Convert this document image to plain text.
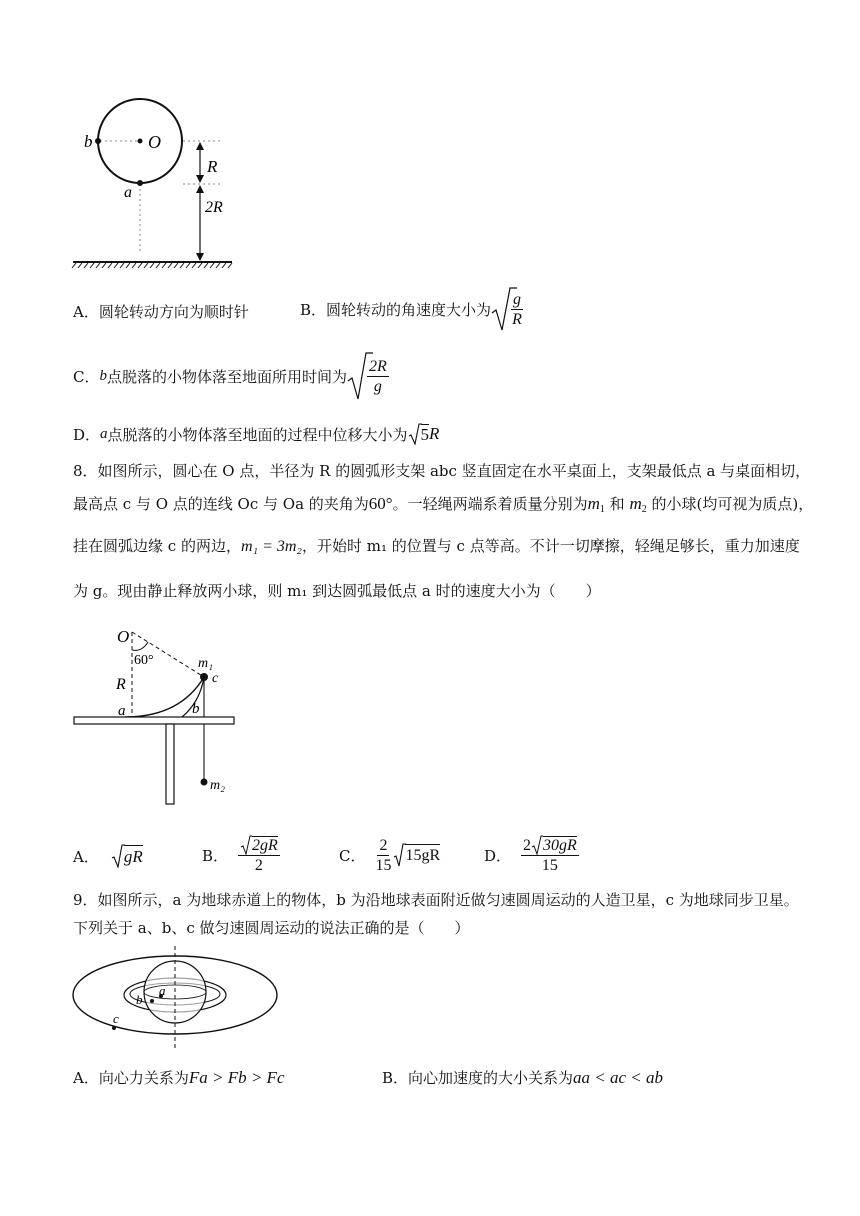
b	O
a
R
2R
A．圆轮转动方向为顺时针	B．圆轮转动的角速度大小为 $\frac{g}{R}$
C． b 点脱落的小物体落至地面所用时间为 $\frac{2R}{g}$
D． a 点脱落的小物体落至地面的过程中位移大小为 5 R
8．如图所示，圆心在 O 点，半径为 R 的圆弧形支架 abc 竖直固定在水平桌面上，支架最低点 a 与桌面相切，
最高点 c 与 O 点的连线 Oc 与 Oa 的夹角为60°。一轻绳两端系着质量分别为$m_1$ 和 $m_2$ 的小球(均可视为质点)，
挂在圆弧边缘 c 的两边，m₁ = 3m₂，开始时 m₁ 的位置与 c 点等高。不计一切摩擦，轻绳足够长，重力加速度
为 g。现由静止释放两小球，则 m₁ 到达圆弧最低点 a 时的速度大小为（　　）
O
60°
R
m₁
c
a	b
m₂
A． gR	B． $\frac{2gR}{2}$	C． $\frac{2}{15} 15gR$	D． $\frac{2 30gR}{15}$
9．如图所示，a 为地球赤道上的物体，b 为沿地球表面附近做匀速圆周运动的人造卫星，c 为地球同步卫星。
下列关于 a、b、c 做匀速圆周运动的说法正确的是（　　）
a
b
c
A．向心力关系为Fa > Fb > Fc	B．向心加速度的大小关系为aa < ac < ab
